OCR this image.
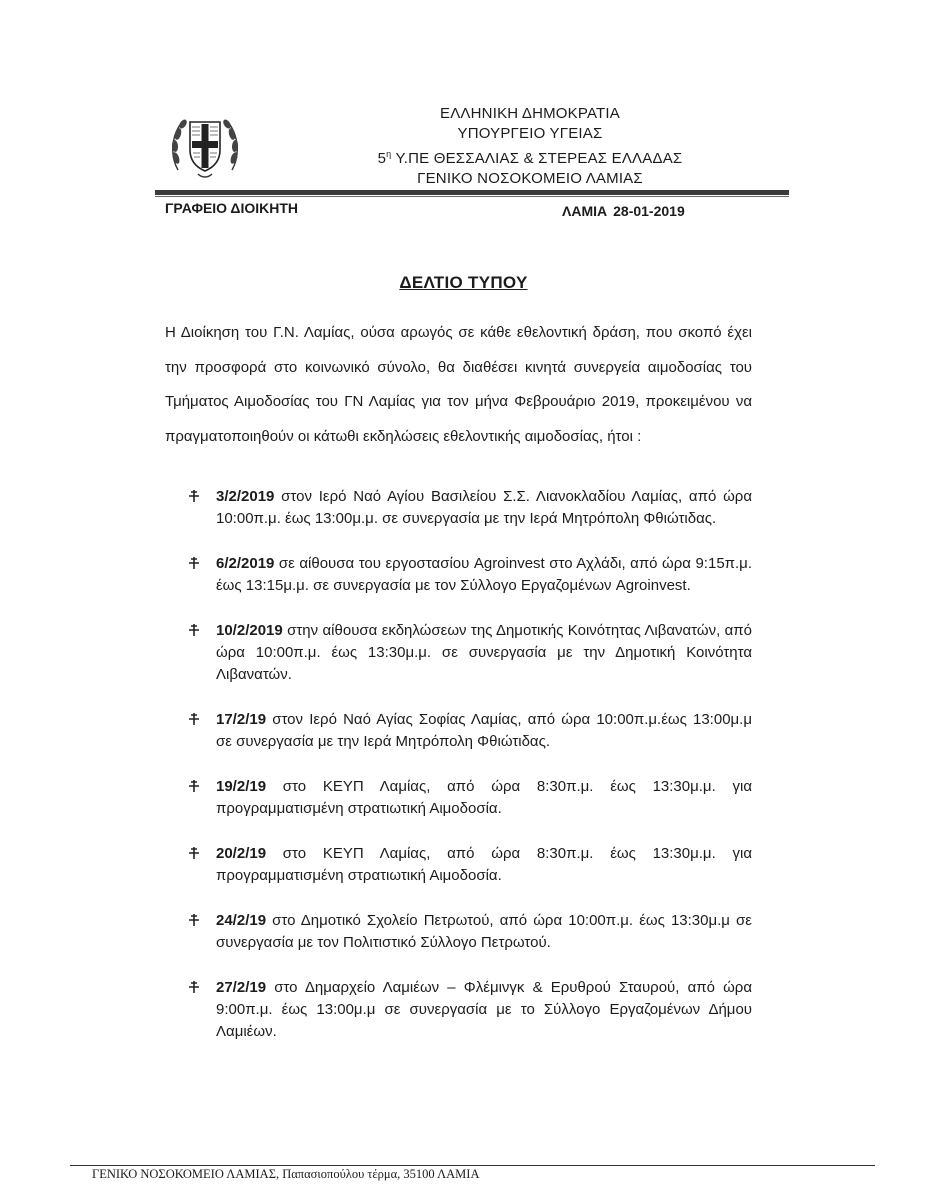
ΕΛΛΗΝΙΚΗ ΔΗΜΟΚΡΑΤΙΑ
ΥΠΟΥΡΓΕΙΟ ΥΓΕΙΑΣ
$5^\eta$ Υ.ΠΕ ΘΕΣΣΑΛΙΑΣ & ΣΤΕΡΕΑΣ ΕΛΛΑΔΑΣ
ΓΕΝΙΚΟ ΝΟΣΟΚΟΜΕΙΟ ΛΑΜΙΑΣ
ΓΡΑΦΕΙΟ ΔΙΟΙΚΗΤΗ	ΛΑΜΙΑ 28-01-2019
ΔΕΛΤΙΟ ΤΥΠΟΥ
Η Διοίκηση του Γ.Ν. Λαμίας, ούσα αρωγός σε κάθε εθελοντική δράση, που σκοπό έχει την προσφορά στο κοινωνικό σύνολο, θα διαθέσει κινητά συνεργεία αιμοδοσίας του Τμήματος Αιμοδοσίας του ΓΝ Λαμίας για τον μήνα Φεβρουάριο 2019, προκειμένου να πραγματοποιηθούν οι κάτωθι εκδηλώσεις εθελοντικής αιμοδοσίας, ήτοι :
3/2/2019 στον Ιερό Ναό Αγίου Βασιλείου Σ.Σ. Λιανοκλαδίου Λαμίας, από ώρα 10:00π.μ. έως 13:00μ.μ. σε συνεργασία με την Ιερά Μητρόπολη Φθιώτιδας.
6/2/2019 σε αίθουσα του εργοστασίου Agroinvest στο Αχλάδι, από ώρα 9:15π.μ. έως 13:15μ.μ. σε συνεργασία με τον Σύλλογο Εργαζομένων Agroinvest.
10/2/2019 στην αίθουσα εκδηλώσεων της Δημοτικής Κοινότητας Λιβανατών, από ώρα 10:00π.μ. έως 13:30μ.μ. σε συνεργασία με την Δημοτική Κοινότητα Λιβανατών.
17/2/19 στον Ιερό Ναό Αγίας Σοφίας Λαμίας, από ώρα 10:00π.μ.έως 13:00μ.μ σε συνεργασία με την Ιερά Μητρόπολη Φθιώτιδας.
19/2/19 στο ΚΕΥΠ Λαμίας, από ώρα 8:30π.μ. έως 13:30μ.μ. για προγραμματισμένη στρατιωτική Αιμοδοσία.
20/2/19 στο ΚΕΥΠ Λαμίας, από ώρα 8:30π.μ. έως 13:30μ.μ. για προγραμματισμένη στρατιωτική Αιμοδοσία.
24/2/19 στο Δημοτικό Σχολείο Πετρωτού, από ώρα 10:00π.μ. έως 13:30μ.μ σε συνεργασία με τον Πολιτιστικό Σύλλογο Πετρωτού.
27/2/19 στο Δημαρχείο Λαμιέων – Φλέμινγκ & Ερυθρού Σταυρού, από ώρα 9:00π.μ. έως 13:00μ.μ σε συνεργασία με το Σύλλογο Εργαζομένων Δήμου Λαμιέων.
ΓΕΝΙΚΟ ΝΟΣΟΚΟΜΕΙΟ ΛΑΜΙΑΣ, Παπασιοπούλου τέρμα, 35100 ΛΑΜΙΑ
